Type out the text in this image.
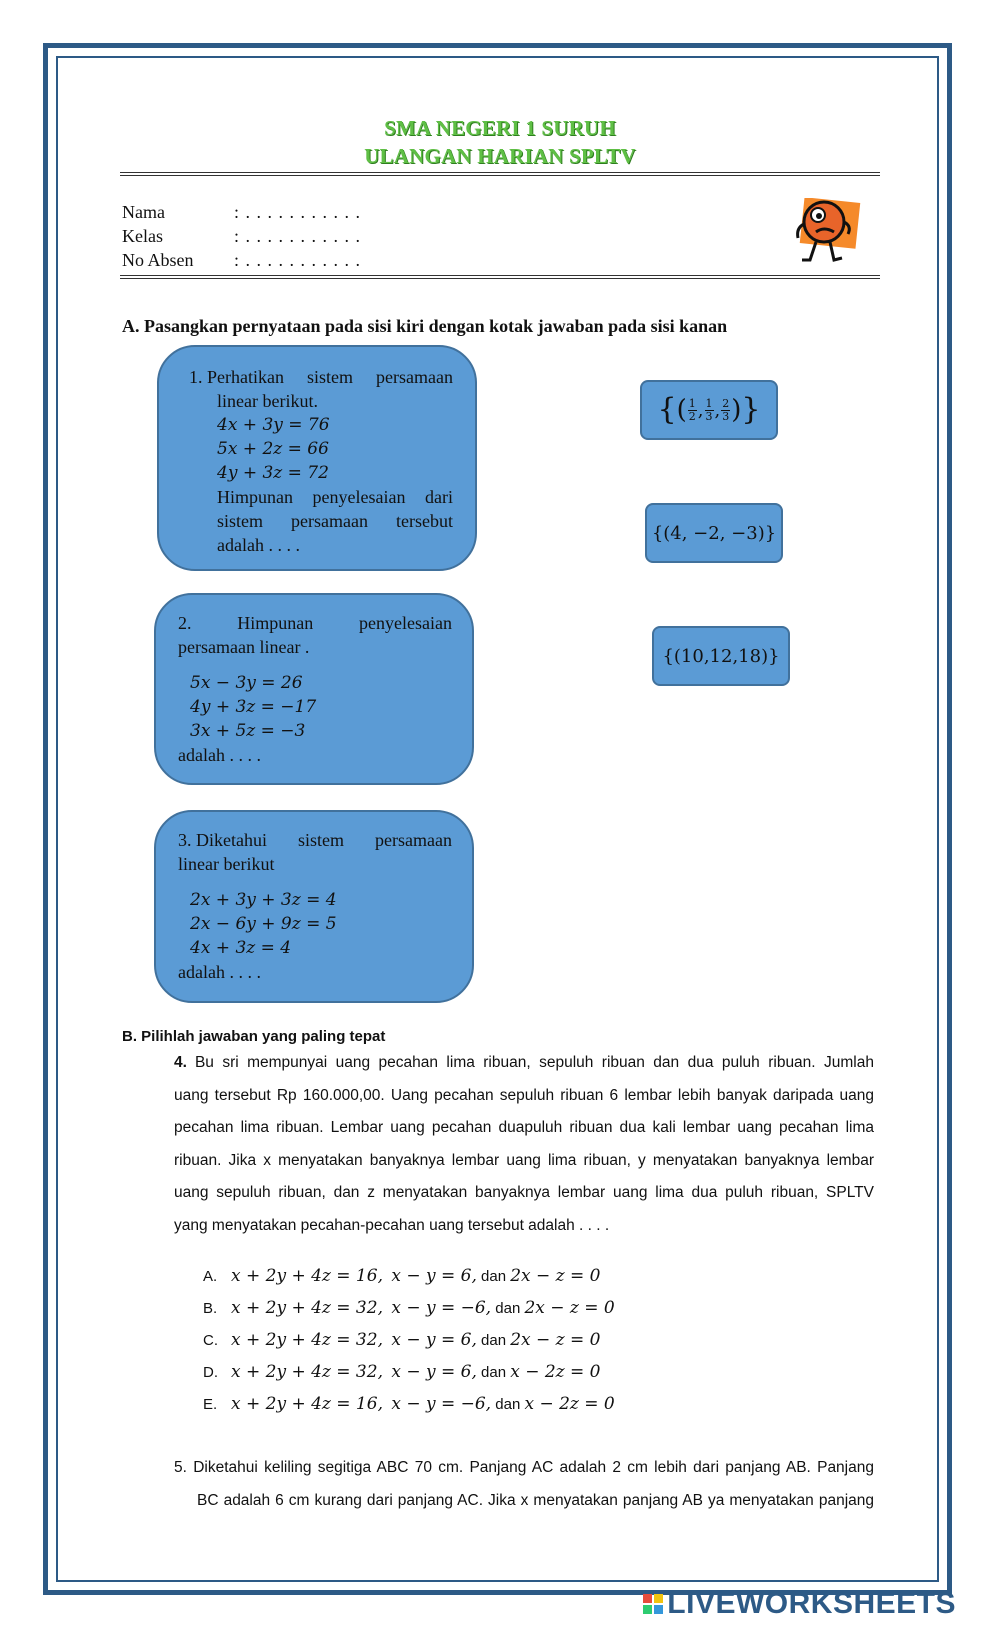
SMA NEGERI 1 SURUH
ULANGAN HARIAN SPLTV
Nama	: . . . . . . . . . . .
Kelas	: . . . . . . . . . . .
No Absen : . . . . . . . . . . .
A. Pasangkan pernyataan pada sisi kiri dengan kotak jawaban pada sisi kanan
1. Perhatikan sistem persamaan
linear berikut.
4x + 3y = 76
5x + 2z = 66
4y + 3z = 72
Himpunan penyelesaian dari
sistem persamaan tersebut
adalah . . . .
2.	Himpunan	penyelesaian
persamaan linear .
5x − 3y = 26
4y + 3z = −17
3x + 5z = −3
adalah . . . .
3. Diketahui sistem persamaan
linear berikut
2x + 3y + 3z = 4
2x − 6y + 9z = 5
4x + 3z = 4
adalah . . . .
{ ( $\frac{1}{2}$ , $\frac{1}{3}$ , $\frac{2}{3}$ ) }
{(4, −2, −3)}
{(10,12,18)}
B. Pilihlah jawaban yang paling tepat
4. Bu sri mempunyai uang pecahan lima ribuan, sepuluh ribuan dan dua puluh ribuan. Jumlah
uang tersebut Rp 160.000,00. Uang pecahan sepuluh ribuan 6 lembar lebih banyak daripada uang
pecahan lima ribuan. Lembar uang pecahan duapuluh ribuan dua kali lembar uang pecahan lima
ribuan. Jika x menyatakan banyaknya lembar uang lima ribuan, y menyatakan banyaknya lembar
uang sepuluh ribuan, dan z menyatakan banyaknya lembar uang lima dua puluh ribuan, SPLTV
yang menyatakan pecahan-pecahan uang tersebut adalah . . . .
A. x + 2y + 4z = 16, x − y = 6, dan 2x − z = 0
B. x + 2y + 4z = 32, x − y = −6, dan 2x − z = 0
C. x + 2y + 4z = 32, x − y = 6, dan 2x − z = 0
D. x + 2y + 4z = 32, x − y = 6, dan x − 2z = 0
E. x + 2y + 4z = 16, x − y = −6, dan x − 2z = 0
5. Diketahui keliling segitiga ABC 70 cm. Panjang AC adalah 2 cm lebih dari panjang AB. Panjang
BC adalah 6 cm kurang dari panjang AC. Jika x menyatakan panjang AB ya menyatakan panjang
LIVEWORKSHEETS
